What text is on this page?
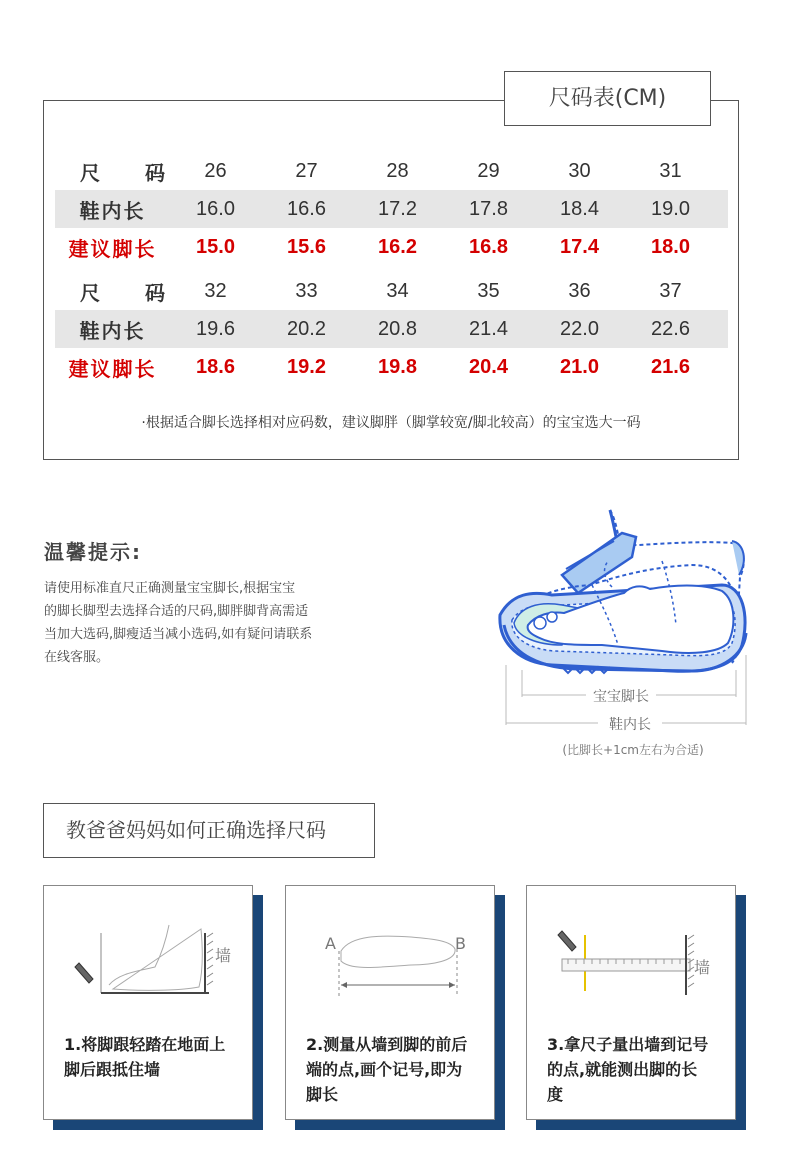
尺码表(CM)
尺 码	26	27	28	29	30	31
鞋内长	16.0	16.6	17.2	17.8	18.4	19.0
建议脚长	15.0	15.6	16.2	16.8	17.4	18.0
尺 码	32	33	34	35	36	37
鞋内长	19.6	20.2	20.8	21.4	22.0	22.6
建议脚长	18.6	19.2	19.8	20.4	21.0	21.6
·根据适合脚长选择相对应码数，建议脚胖（脚掌较宽/脚北较高）的宝宝选大一码
温馨提示:
请使用标准直尺正确测量宝宝脚长,根据宝宝
的脚长脚型去选择合适的尺码,脚胖脚背高需适
当加大选码,脚瘦适当减小选码,如有疑问请联系
在线客服。
宝宝脚长
鞋内长
(比脚长+1cm左右为合适)
教爸爸妈妈如何正确选择尺码
墙
1.将脚跟轻踏在地面上
脚后跟抵住墙
A	B
2.测量从墙到脚的前后
端的点,画个记号,即为
脚长
墙
3.拿尺子量出墙到记号
的点,就能测出脚的长
度
